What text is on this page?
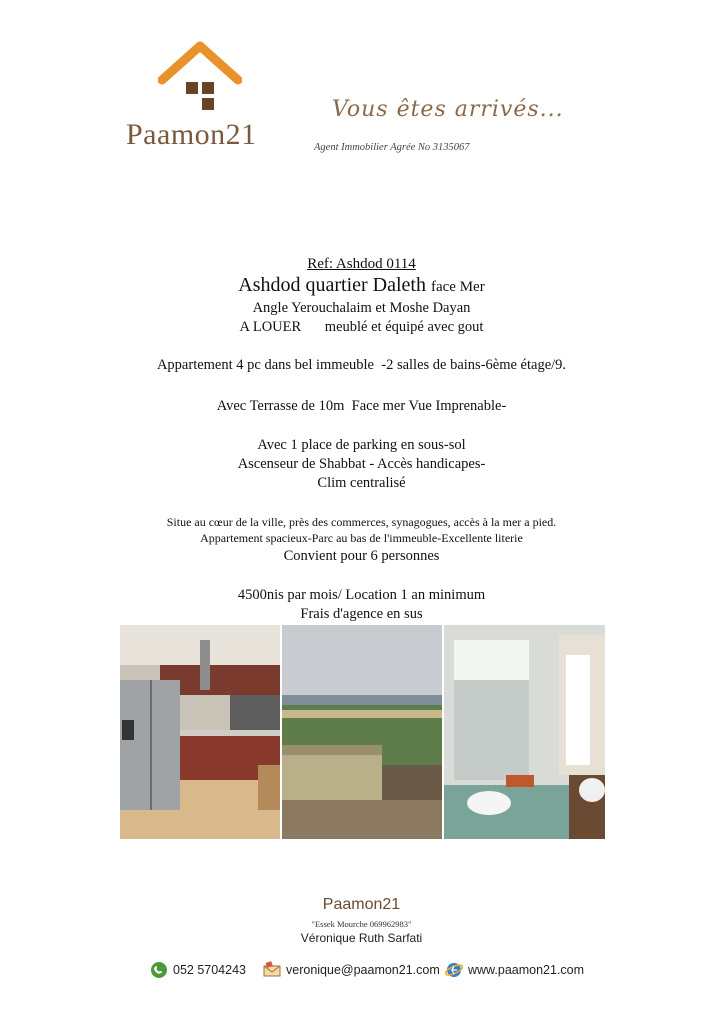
Paamon21
Vous êtes arrivés...
Agent Immobilier Agrée No 3135067
Ref: Ashdod 0114
Ashdod quartier Daleth face Mer
Angle Yerouchalaim et Moshe Dayan
A LOUER meublé et équipé avec gout
Appartement 4 pc dans bel immeuble  -2 salles de bains-6ème étage/9.
Avec Terrasse de 10m  Face mer Vue Imprenable-
Avec 1 place de parking en sous-sol
Ascenseur de Shabbat - Accès handicapes-
Clim centralisé
Situe au cœur de la ville, près des commerces, synagogues, accès à la mer a pied.
Appartement spacieux-Parc au bas de l'immeuble-Excellente literie
Convient pour 6 personnes
4500nis par mois/ Location 1 an minimum
Frais d'agence en sus
Paamon21
"Essek Mourche 069962983"
Véronique Ruth Sarfati
052 5704243	veronique@paamon21.com www.paamon21.com
